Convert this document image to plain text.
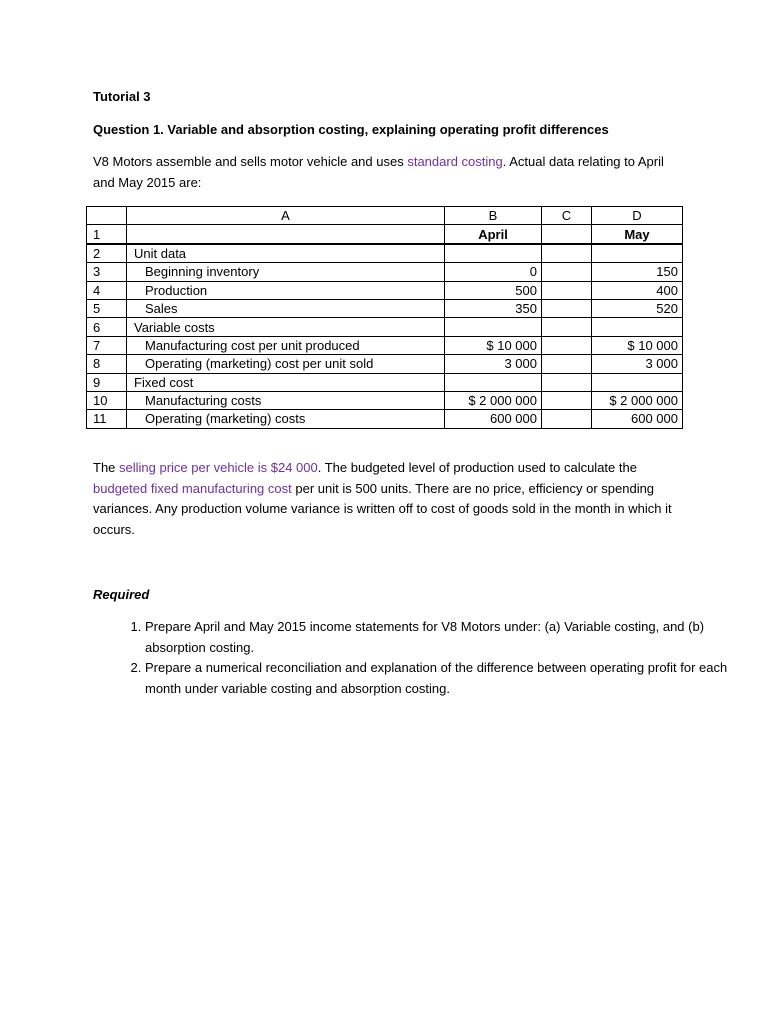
Tutorial 3
Question 1. Variable and absorption costing, explaining operating profit differences
V8 Motors assemble and sells motor vehicle and uses standard costing. Actual data relating to April and May 2015 are:
	A	B	C	D
1		April		May
2	Unit data			
3	Beginning inventory	0		150
4	Production	500		400
5	Sales	350		520
6	Variable costs			
7	Manufacturing cost per unit produced	$ 10 000		$ 10 000
8	Operating (marketing) cost per unit sold	3 000		3 000
9	Fixed cost			
10	Manufacturing costs	$ 2 000 000		$ 2 000 000
11	Operating (marketing) costs	600 000		600 000
The selling price per vehicle is $24 000. The budgeted level of production used to calculate the budgeted fixed manufacturing cost per unit is 500 units. There are no price, efficiency or spending variances. Any production volume variance is written off to cost of goods sold in the month in which it occurs.
Required
1. Prepare April and May 2015 income statements for V8 Motors under: (a) Variable costing, and (b) absorption costing.
2. Prepare a numerical reconciliation and explanation of the difference between operating profit for each month under variable costing and absorption costing.
